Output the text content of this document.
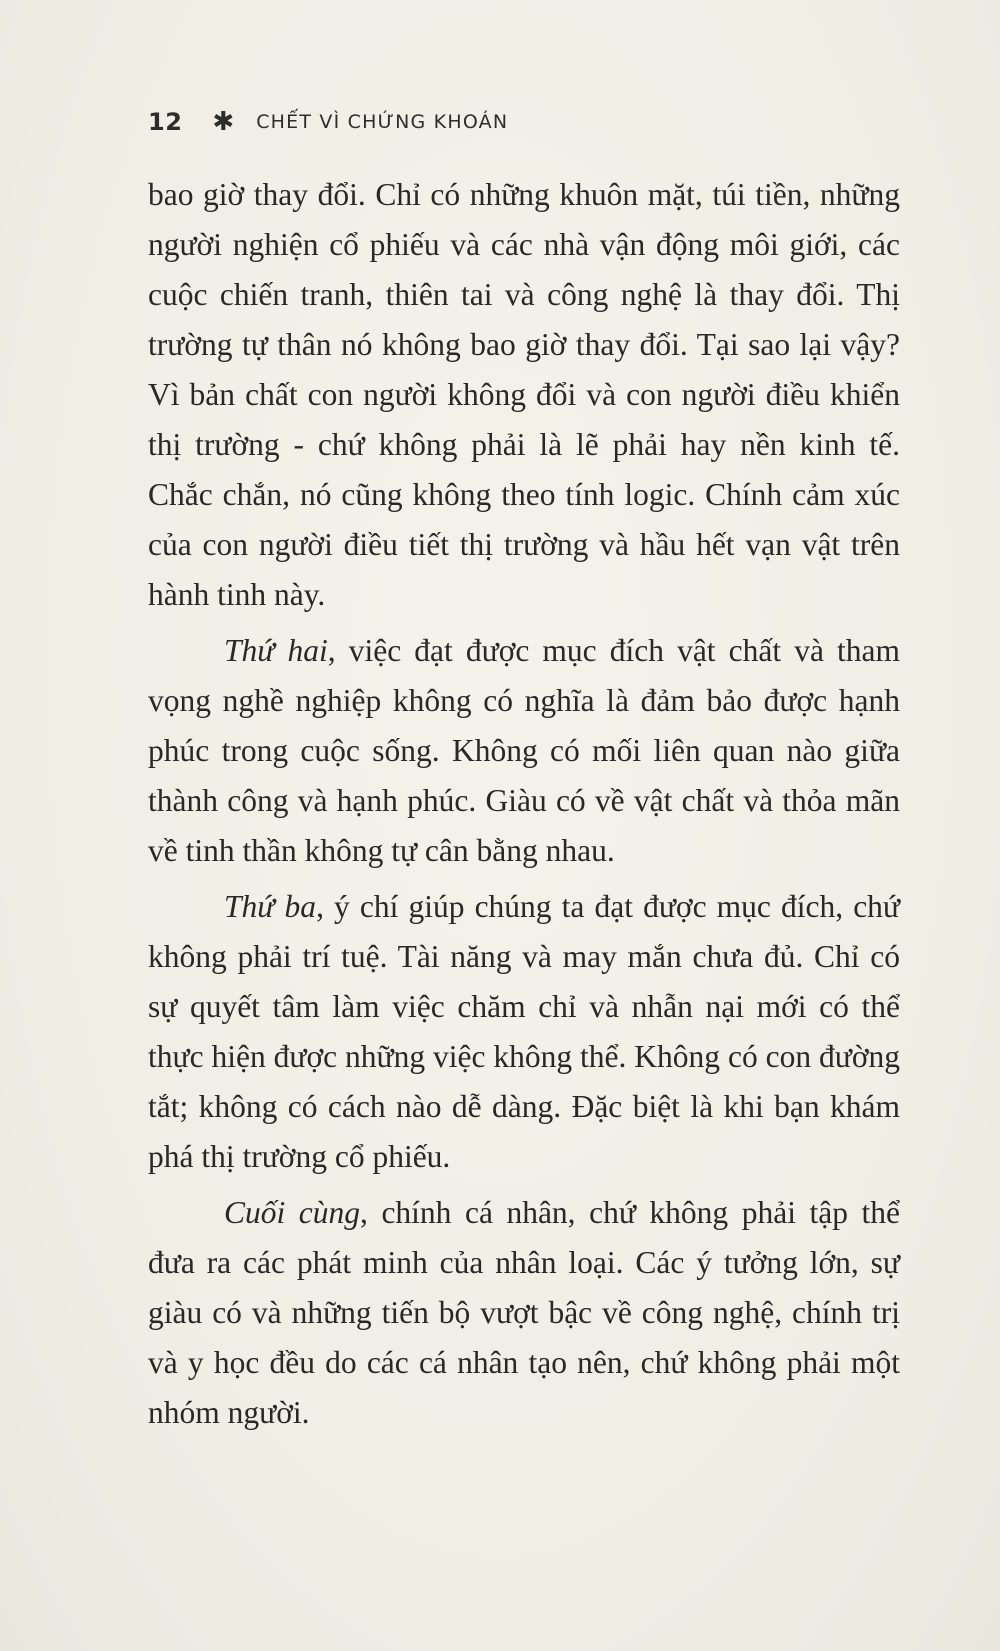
12 ✱ CHẾT VÌ CHỨNG KHOÁN

bao giờ thay đổi. Chỉ có những khuôn mặt, túi tiền, những người nghiện cổ phiếu và các nhà vận động môi giới, các cuộc chiến tranh, thiên tai và công nghệ là thay đổi. Thị trường tự thân nó không bao giờ thay đổi. Tại sao lại vậy? Vì bản chất con người không đổi và con người điều khiển thị trường - chứ không phải là lẽ phải hay nền kinh tế. Chắc chắn, nó cũng không theo tính logic. Chính cảm xúc của con người điều tiết thị trường và hầu hết vạn vật trên hành tinh này.

Thứ hai, việc đạt được mục đích vật chất và tham vọng nghề nghiệp không có nghĩa là đảm bảo được hạnh phúc trong cuộc sống. Không có mối liên quan nào giữa thành công và hạnh phúc. Giàu có về vật chất và thỏa mãn về tinh thần không tự cân bằng nhau.

Thứ ba, ý chí giúp chúng ta đạt được mục đích, chứ không phải trí tuệ. Tài năng và may mắn chưa đủ. Chỉ có sự quyết tâm làm việc chăm chỉ và nhẫn nại mới có thể thực hiện được những việc không thể. Không có con đường tắt; không có cách nào dễ dàng. Đặc biệt là khi bạn khám phá thị trường cổ phiếu.

Cuối cùng, chính cá nhân, chứ không phải tập thể đưa ra các phát minh của nhân loại. Các ý tưởng lớn, sự giàu có và những tiến bộ vượt bậc về công nghệ, chính trị và y học đều do các cá nhân tạo nên, chứ không phải một nhóm người.
